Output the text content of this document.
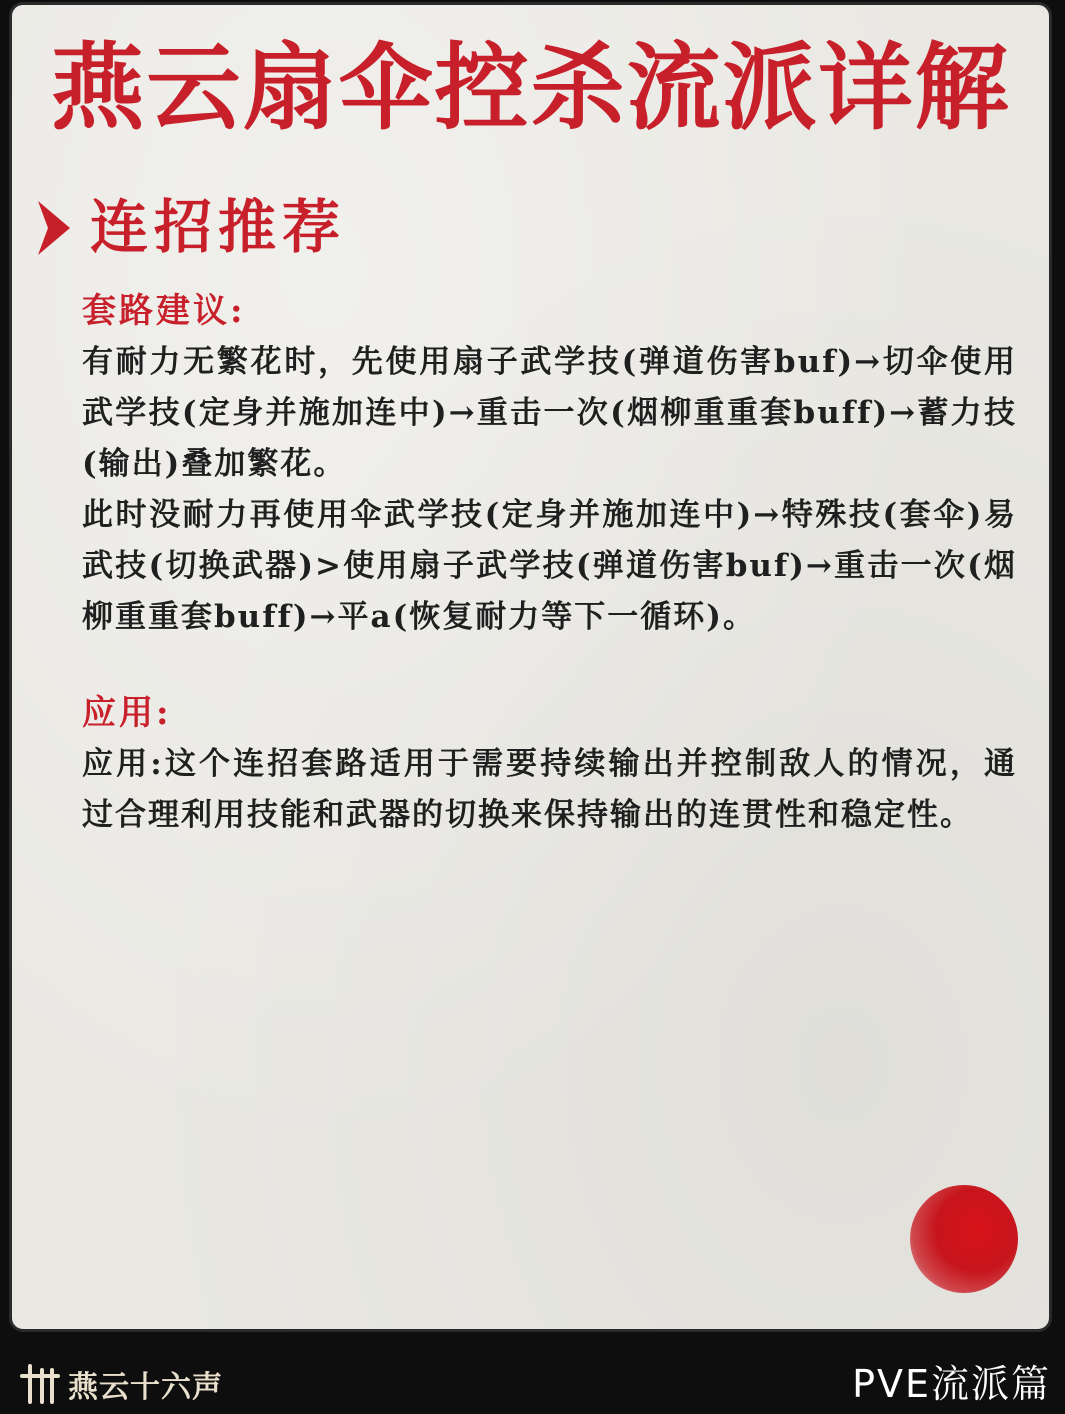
燕云扇伞控杀流派详解
连招推荐

套路建议:

有耐力无繁花时，先使用扇子武学技(弹道伤害buf)→切伞使用武学技(定身并施加连中)→重击一次(烟柳重重套buff)→蓄力技(输出)叠加繁花。

此时没耐力再使用伞武学技(定身并施加连中)→特殊技(套伞)易武技(切换武器)>使用扇子武学技(弹道伤害buf)→重击一次(烟柳重重套buff)→平a(恢复耐力等下一循环)。

应用:

应用:这个连招套路适用于需要持续输出并控制敌人的情况，通过合理利用技能和武器的切换来保持输出的连贯性和稳定性。

燕云十六声	PVE流派篇
